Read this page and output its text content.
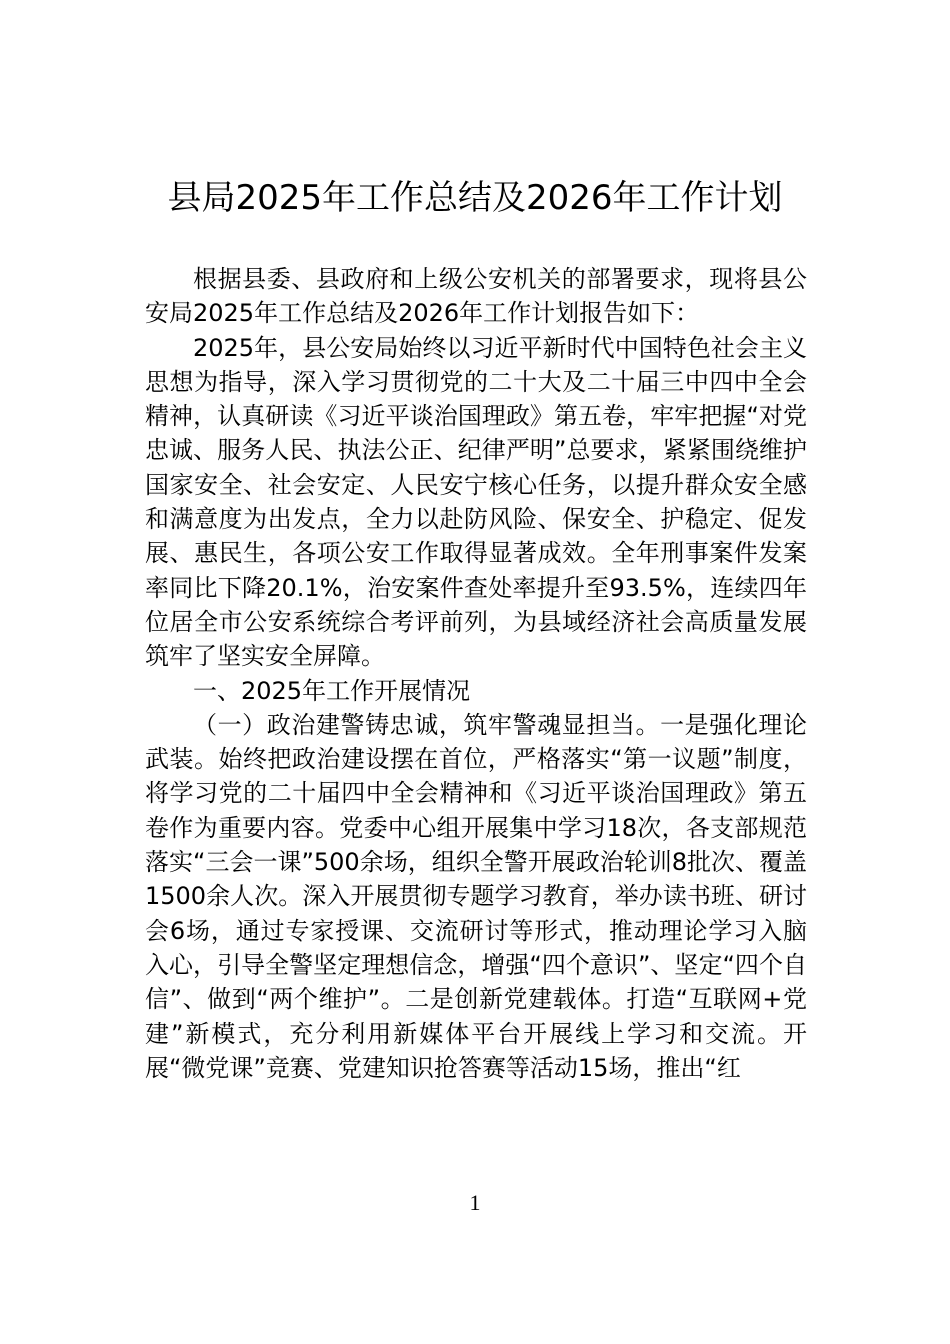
县局2025年工作总结及2026年工作计划

根据县委、县政府和上级公安机关的部署要求，现将县公安局2025年工作总结及2026年工作计划报告如下：

2025年，县公安局始终以习近平新时代中国特色社会主义思想为指导，深入学习贯彻党的二十大及二十届三中四中全会精神，认真研读《习近平谈治国理政》第五卷，牢牢把握“对党忠诚、服务人民、执法公正、纪律严明”总要求，紧紧围绕维护国家安全、社会安定、人民安宁核心任务，以提升群众安全感和满意度为出发点，全力以赴防风险、保安全、护稳定、促发展、惠民生，各项公安工作取得显著成效。全年刑事案件发案率同比下降20.1%，治安案件查处率提升至93.5%，连续四年位居全市公安系统综合考评前列，为县域经济社会高质量发展筑牢了坚实安全屏障。

一、2025年工作开展情况

（一）政治建警铸忠诚，筑牢警魂显担当。一是强化理论武装。始终把政治建设摆在首位，严格落实“第一议题”制度，将学习党的二十届四中全会精神和《习近平谈治国理政》第五卷作为重要内容。党委中心组开展集中学习18次，各支部规范落实“三会一课”500余场，组织全警开展政治轮训8批次、覆盖1500余人次。深入开展贯彻专题学习教育，举办读书班、研讨会6场，通过专家授课、交流研讨等形式，推动理论学习入脑入心，引导全警坚定理想信念，增强“四个意识”、坚定“四个自信”、做到“两个维护”。二是创新党建载体。打造“互联网+党建”新模式，充分利用新媒体平台开展线上学习和交流。开展“微党课”竞赛、党建知识抢答赛等活动15场，推出“红

1
